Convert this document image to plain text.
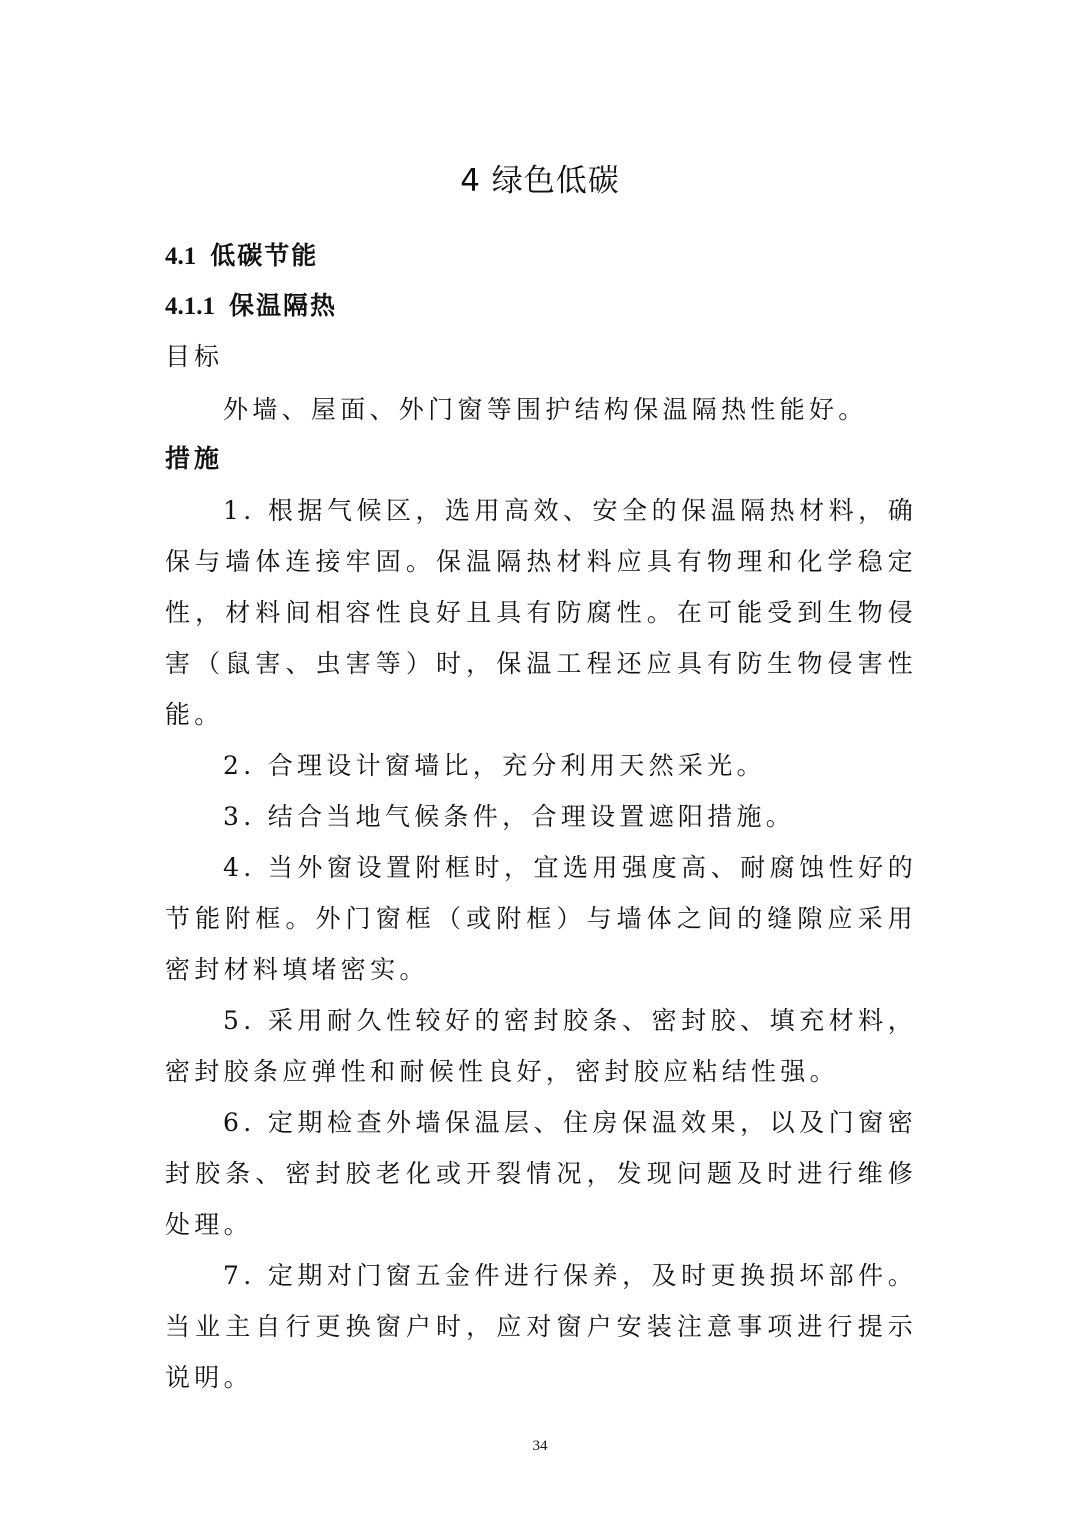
4 绿色低碳
4.1 低碳节能
4.1.1 保温隔热
目标

外墙、屋面、外门窗等围护结构保温隔热性能好。

措施

1. 根据气候区，选用高效、安全的保温隔热材料，确保与墙体连接牢固。保温隔热材料应具有物理和化学稳定性，材料间相容性良好且具有防腐性。在可能受到生物侵害（鼠害、虫害等）时，保温工程还应具有防生物侵害性能。

2. 合理设计窗墙比，充分利用天然采光。

3. 结合当地气候条件，合理设置遮阳措施。

4. 当外窗设置附框时，宜选用强度高、耐腐蚀性好的节能附框。外门窗框（或附框）与墙体之间的缝隙应采用密封材料填堵密实。

5. 采用耐久性较好的密封胶条、密封胶、填充材料，密封胶条应弹性和耐候性良好，密封胶应粘结性强。

6. 定期检查外墙保温层、住房保温效果，以及门窗密封胶条、密封胶老化或开裂情况，发现问题及时进行维修处理。

7. 定期对门窗五金件进行保养，及时更换损坏部件。当业主自行更换窗户时，应对窗户安装注意事项进行提示说明。

34
